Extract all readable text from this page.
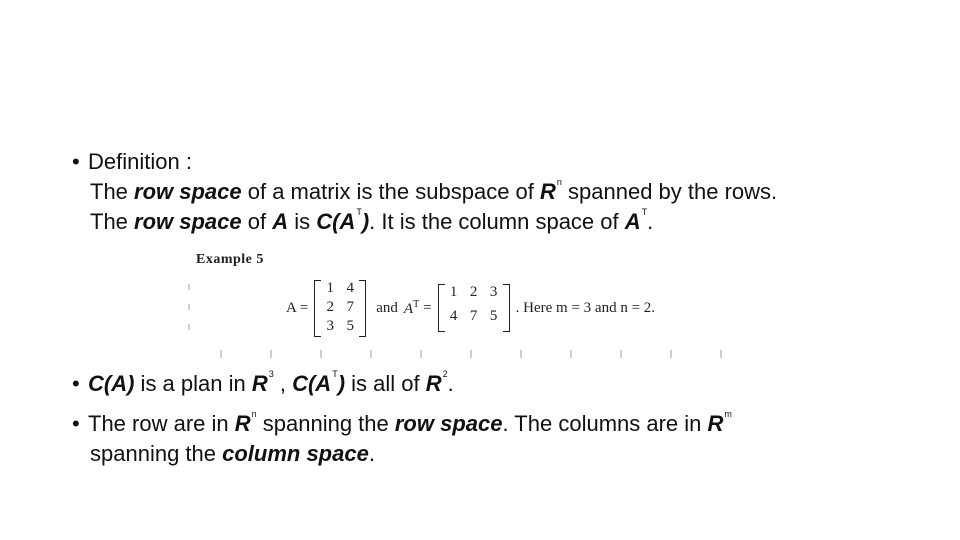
• Definition :
The row space of a matrix is the subspace of $R^n$ spanned by the rows.
The row space of A is $C(A^T)$. It is the column space of $A^T$.
Example 5
A =
1 4
2 7
3 5
and $A^T$ =
1 2 3
4 7 5
. Here m = 3 and n = 2.
• C(A) is a plan in $R^3$ , $C(A^T)$ is all of $R^2$.
• The row are in $R^n$ spanning the row space. The columns are in $R^m$
spanning the column space.
